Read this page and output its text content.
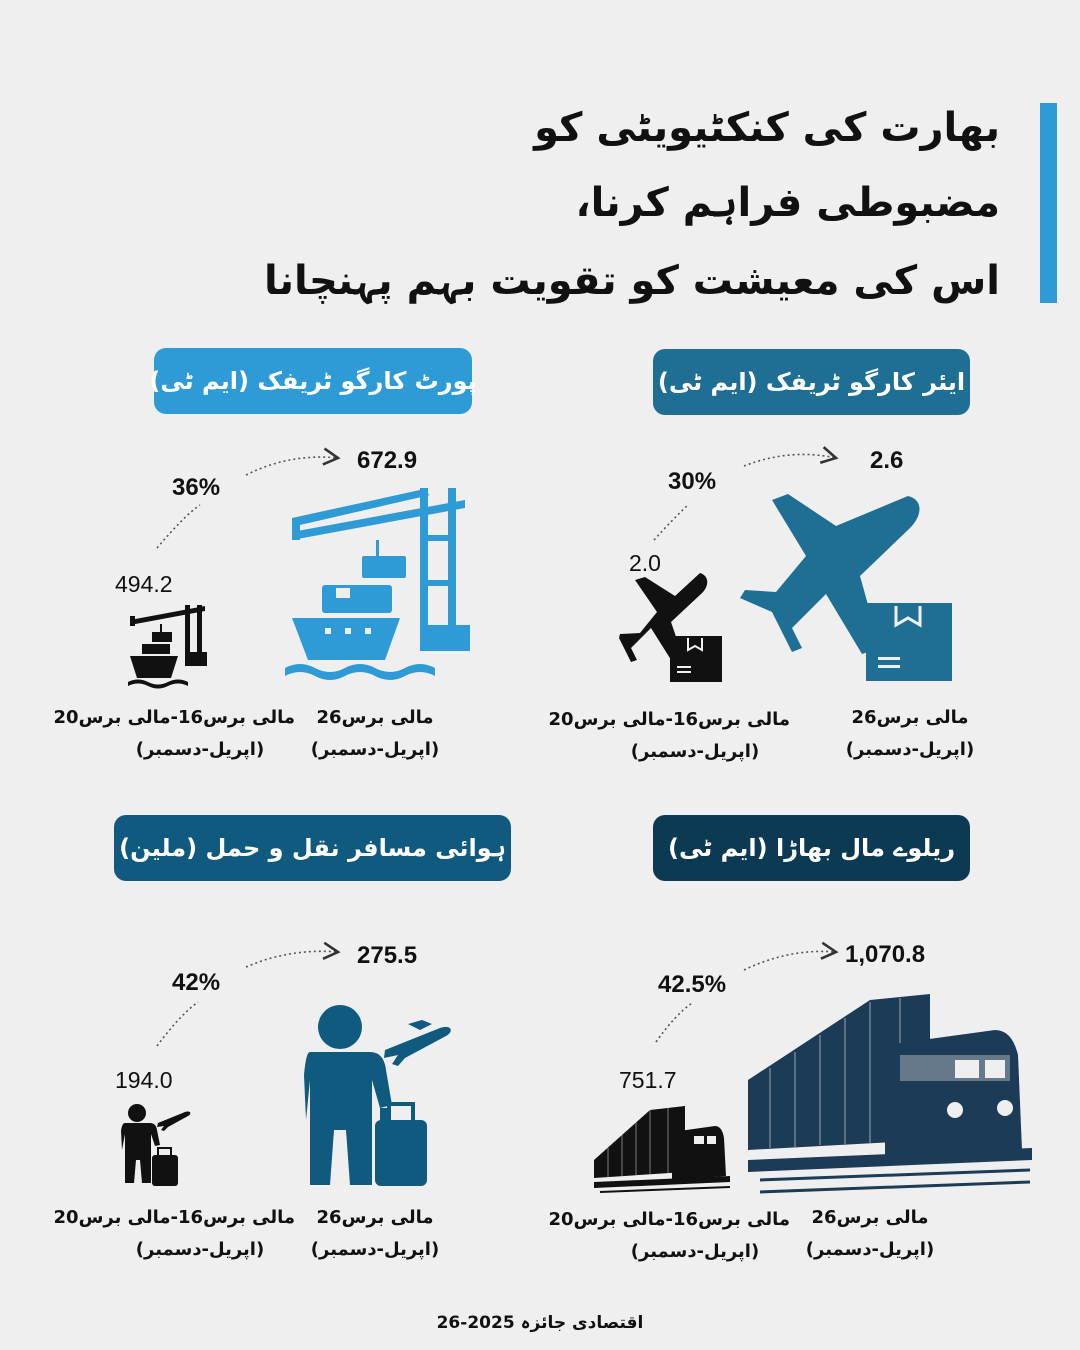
بھارت کی کنکٹیویٹی کو
مضبوطی فراہم کرنا،
اس کی معیشت کو تقویت بہم پہنچانا
پورٹ کارگو ٹریفک (ایم ٹی)	ایئر کارگو ٹریفک (ایم ٹی)
ہوائی مسافر نقل و حمل (ملین)	ریلوے مال بھاڑا (ایم ٹی)
672.9
36%
494.2
2.6
30%
2.0
275.5
42%
194.0
1,070.8
42.5%
751.7
مالی برس16-مالی برس20
(اپریل-دسمبر)
مالی برس26
(اپریل-دسمبر)
مالی برس16-مالی برس20
(اپریل-دسمبر)
مالی برس26
(اپریل-دسمبر)
مالی برس16-مالی برس20
(اپریل-دسمبر)
مالی برس26
(اپریل-دسمبر)
مالی برس16-مالی برس20
(اپریل-دسمبر)
مالی برس26
(اپریل-دسمبر)
اقتصادی جائزہ 2025-26
